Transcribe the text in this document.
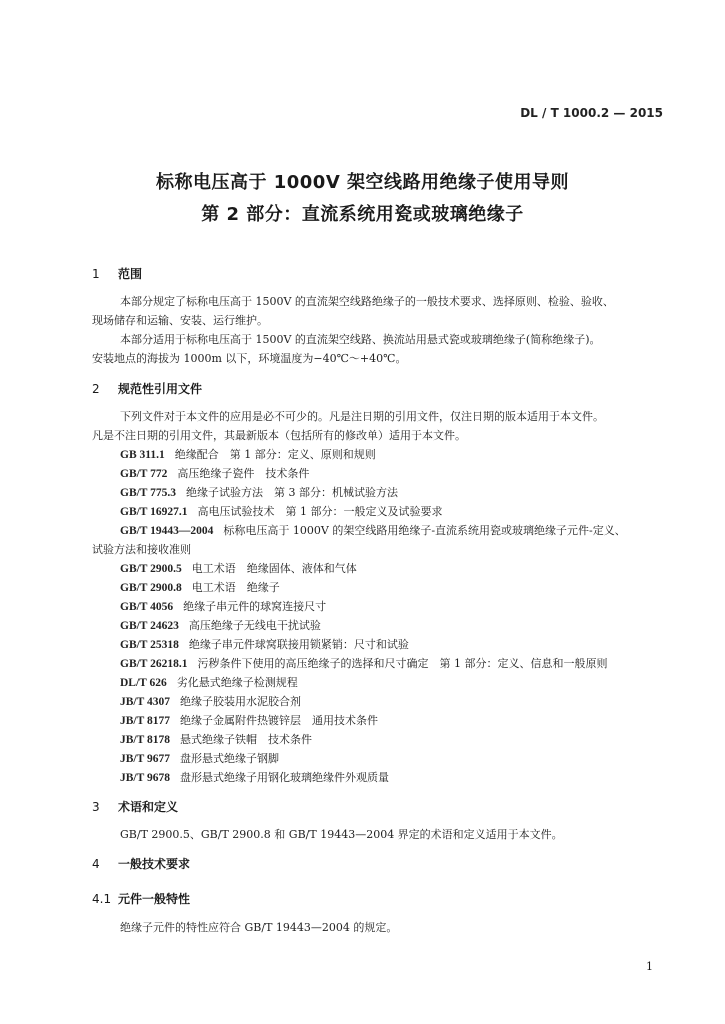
DL / T 1000.2 — 2015
标称电压高于 1000V 架空线路用绝缘子使用导则
第 2 部分：直流系统用瓷或玻璃绝缘子
1 范围
本部分规定了标称电压高于 1500V 的直流架空线路绝缘子的一般技术要求、选择原则、检验、验收、
现场储存和运输、安装、运行维护。
本部分适用于标称电压高于 1500V 的直流架空线路、换流站用悬式瓷或玻璃绝缘子(简称绝缘子)。
安装地点的海拔为 1000m 以下，环境温度为−40℃～+40℃。
2 规范性引用文件
下列文件对于本文件的应用是必不可少的。凡是注日期的引用文件，仅注日期的版本适用于本文件。
凡是不注日期的引用文件，其最新版本（包括所有的修改单）适用于本文件。
GB 311.1 绝缘配合　第 1 部分：定义、原则和规则
GB/T 772 高压绝缘子瓷件　技术条件
GB/T 775.3 绝缘子试验方法　第 3 部分：机械试验方法
GB/T 16927.1 高电压试验技术　第 1 部分：一般定义及试验要求
GB/T 19443—2004 标称电压高于 1000V 的架空线路用绝缘子-直流系统用瓷或玻璃绝缘子元件-定义、
试验方法和接收准则
GB/T 2900.5 电工术语　绝缘固体、液体和气体
GB/T 2900.8 电工术语　绝缘子
GB/T 4056 绝缘子串元件的球窝连接尺寸
GB/T 24623 高压绝缘子无线电干扰试验
GB/T 25318 绝缘子串元件球窝联接用锁紧销：尺寸和试验
GB/T 26218.1 污秽条件下使用的高压绝缘子的选择和尺寸确定　第 1 部分：定义、信息和一般原则
DL/T 626 劣化悬式绝缘子检测规程
JB/T 4307 绝缘子胶装用水泥胶合剂
JB/T 8177 绝缘子金属附件热镀锌层　通用技术条件
JB/T 8178 悬式绝缘子铁帽　技术条件
JB/T 9677 盘形悬式绝缘子钢脚
JB/T 9678 盘形悬式绝缘子用钢化玻璃绝缘件外观质量
3 术语和定义
GB/T 2900.5、GB/T 2900.8 和 GB/T 19443—2004 界定的术语和定义适用于本文件。
4 一般技术要求
4.1 元件一般特性
绝缘子元件的特性应符合 GB/T 19443—2004 的规定。
1
